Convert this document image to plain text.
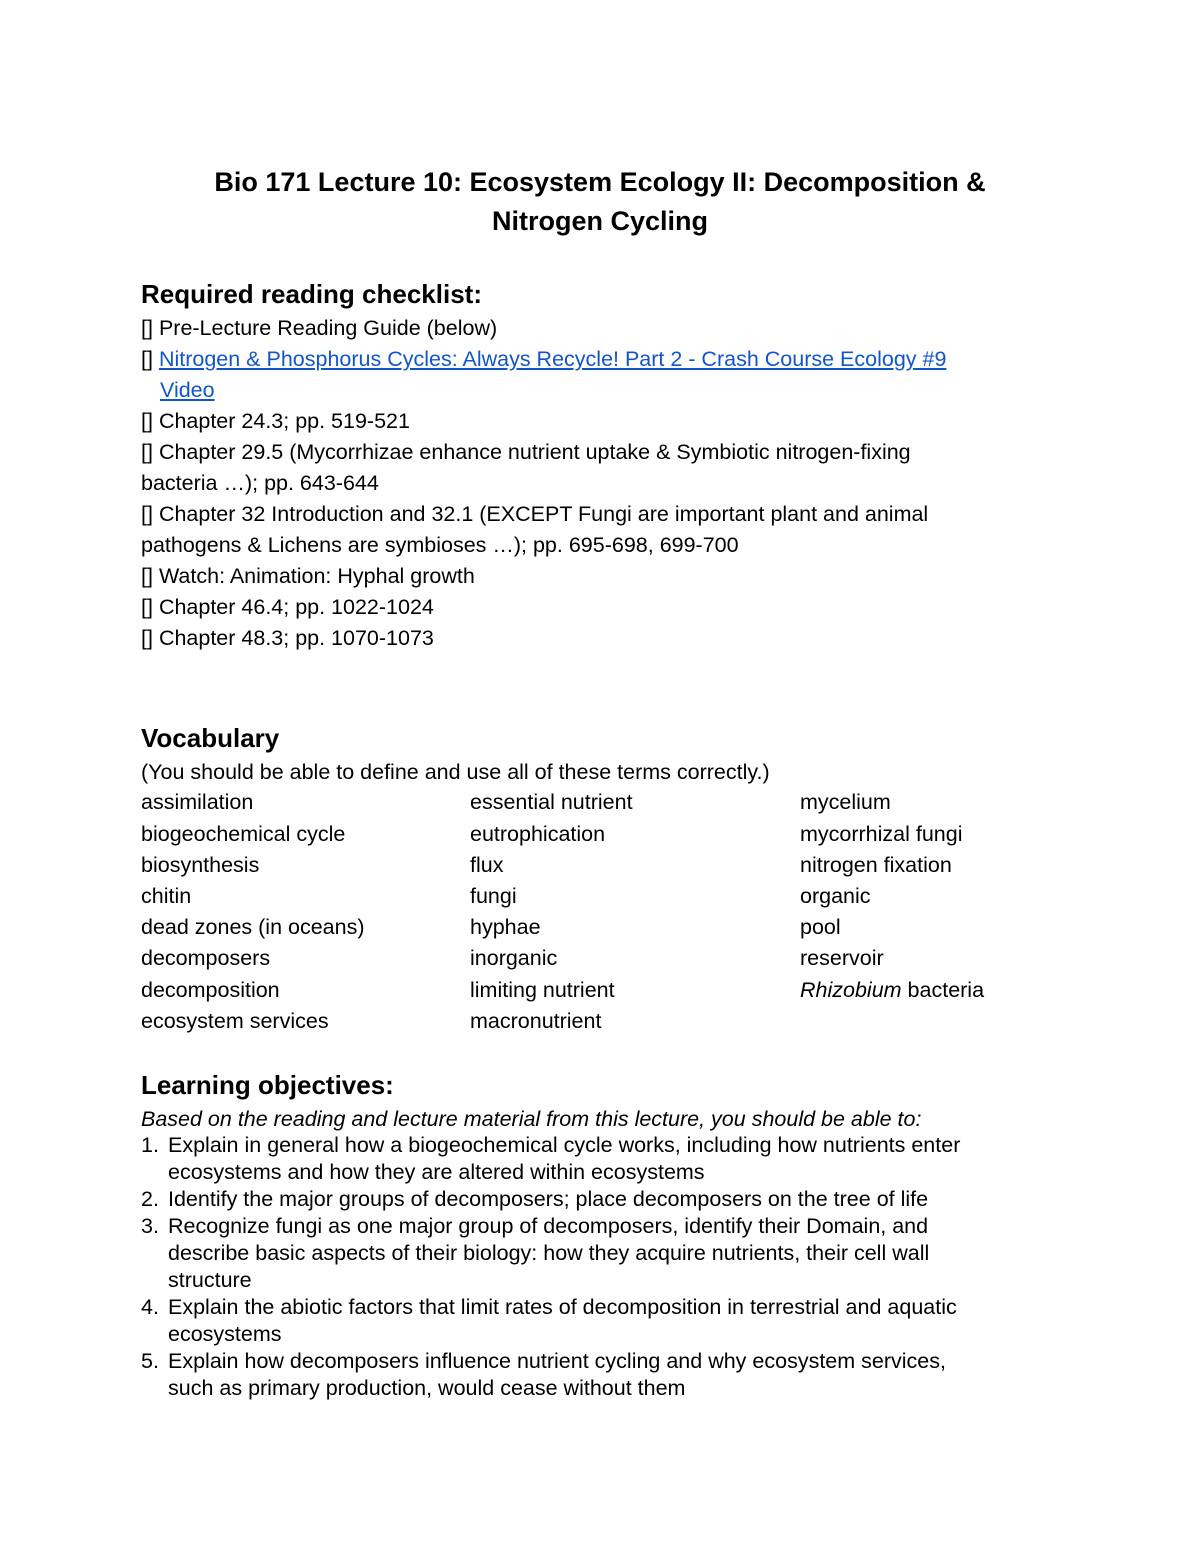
Bio 171 Lecture 10: Ecosystem Ecology II: Decomposition &
Nitrogen Cycling
Required reading checklist:
[] Pre-Lecture Reading Guide (below)
[] Nitrogen & Phosphorus Cycles: Always Recycle! Part 2 - Crash Course Ecology #9
Video
[] Chapter 24.3; pp. 519-521
[] Chapter 29.5 (Mycorrhizae enhance nutrient uptake & Symbiotic nitrogen-fixing
bacteria …); pp. 643-644
[] Chapter 32 Introduction and 32.1 (EXCEPT Fungi are important plant and animal
pathogens & Lichens are symbioses …); pp. 695-698, 699-700
[] Watch: Animation: Hyphal growth
[] Chapter 46.4; pp. 1022-1024
[] Chapter 48.3; pp. 1070-1073
Vocabulary
(You should be able to define and use all of these terms correctly.)
assimilation
biogeochemical cycle
biosynthesis
chitin
dead zones (in oceans)
decomposers
decomposition
ecosystem services
essential nutrient
eutrophication
flux
fungi
hyphae
inorganic
limiting nutrient
macronutrient
mycelium
mycorrhizal fungi
nitrogen fixation
organic
pool
reservoir
Rhizobium bacteria
Learning objectives:
Based on the reading and lecture material from this lecture, you should be able to:
1. Explain in general how a biogeochemical cycle works, including how nutrients enter
ecosystems and how they are altered within ecosystems
2. Identify the major groups of decomposers; place decomposers on the tree of life
3. Recognize fungi as one major group of decomposers, identify their Domain, and
describe basic aspects of their biology: how they acquire nutrients, their cell wall
structure
4. Explain the abiotic factors that limit rates of decomposition in terrestrial and aquatic
ecosystems
5. Explain how decomposers influence nutrient cycling and why ecosystem services,
such as primary production, would cease without them
